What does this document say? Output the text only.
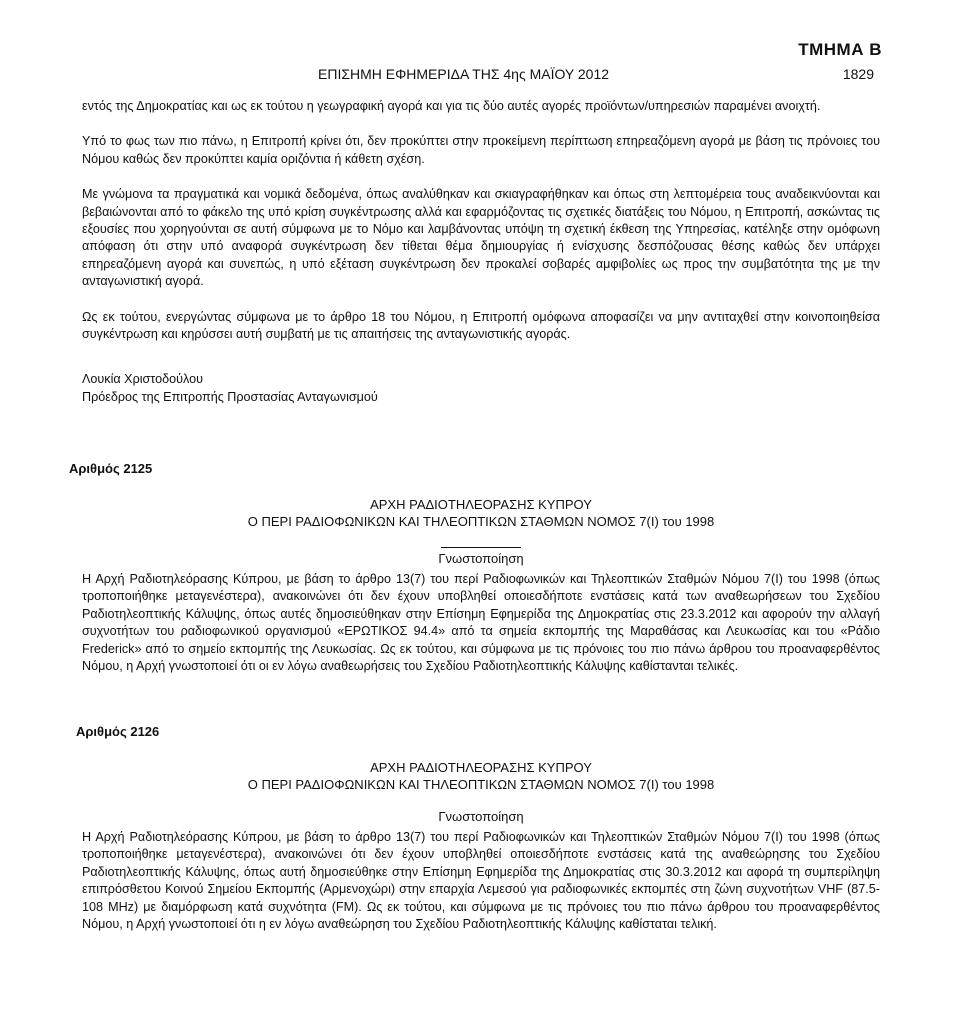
ΤΜΗΜΑ Β
ΕΠΙΣΗΜΗ ΕΦΗΜΕΡΙΔΑ ΤΗΣ 4ης ΜΑΪΟΥ 2012	1829

εντός της Δημοκρατίας και ως εκ τούτου η γεωγραφική αγορά και για τις δύο αυτές αγορές προϊόντων/υπηρεσιών παραμένει ανοιχτή.

Υπό το φως των πιο πάνω, η Επιτροπή κρίνει ότι, δεν προκύπτει στην προκείμενη περίπτωση επηρεαζόμενη αγορά με βάση τις πρόνοιες του Νόμου καθώς δεν προκύπτει καμία οριζόντια ή κάθετη σχέση.

Με γνώμονα τα πραγματικά και νομικά δεδομένα, όπως αναλύθηκαν και σκιαγραφήθηκαν και όπως στη λεπτομέρεια τους αναδεικνύονται και βεβαιώνονται από το φάκελο της υπό κρίση συγκέντρωσης αλλά και εφαρμόζοντας τις σχετικές διατάξεις του Νόμου, η Επιτροπή, ασκώντας τις εξουσίες που χορηγούνται σε αυτή σύμφωνα με το Νόμο και λαμβάνοντας υπόψη τη σχετική έκθεση της Υπηρεσίας, κατέληξε στην ομόφωνη απόφαση ότι στην υπό αναφορά συγκέντρωση δεν τίθεται θέμα δημιουργίας ή ενίσχυσης δεσπόζουσας θέσης καθώς δεν υπάρχει επηρεαζόμενη αγορά και συνεπώς, η υπό εξέταση συγκέντρωση δεν προκαλεί σοβαρές αμφιβολίες ως προς την συμβατότητα της με την ανταγωνιστική αγορά.

Ως εκ τούτου, ενεργώντας σύμφωνα με το άρθρο 18 του Νόμου, η Επιτροπή ομόφωνα αποφασίζει να μην αντιταχθεί στην κοινοποιηθείσα συγκέντρωση και κηρύσσει αυτή συμβατή με τις απαιτήσεις της ανταγωνιστικής αγοράς.

Λουκία Χριστοδούλου

Πρόεδρος της Επιτροπής Προστασίας Ανταγωνισμού

Αριθμός 2125

ΑΡΧΗ ΡΑΔΙΟΤΗΛΕΟΡΑΣΗΣ ΚΥΠΡΟΥ

Ο ΠΕΡΙ ΡΑΔΙΟΦΩΝΙΚΩΝ ΚΑΙ ΤΗΛΕΟΠΤΙΚΩΝ ΣΤΑΘΜΩΝ ΝΟΜΟΣ 7(Ι) του 1998

Γνωστοποίηση

Η Αρχή Ραδιοτηλεόρασης Κύπρου, με βάση το άρθρο 13(7) του περί Ραδιοφωνικών και Τηλεοπτικών Σταθμών Νόμου 7(Ι) του 1998 (όπως τροποποιήθηκε μεταγενέστερα), ανακοινώνει ότι δεν έχουν υποβληθεί οποιεσδήποτε ενστάσεις κατά των αναθεωρήσεων του Σχεδίου Ραδιοτηλεοπτικής Κάλυψης, όπως αυτές δημοσιεύθηκαν στην Επίσημη Εφημερίδα της Δημοκρατίας στις 23.3.2012 και αφορούν την αλλαγή συχνοτήτων του ραδιοφωνικού οργανισμού «ΕΡΩΤΙΚΟΣ 94.4» από τα σημεία εκπομπής της Μαραθάσας και Λευκωσίας και του «Ράδιο Frederick» από το σημείο εκπομπής της Λευκωσίας. Ως εκ τούτου, και σύμφωνα με τις πρόνοιες του πιο πάνω άρθρου του προαναφερθέντος Νόμου, η Αρχή γνωστοποιεί ότι οι εν λόγω αναθεωρήσεις του Σχεδίου Ραδιοτηλεοπτικής Κάλυψης καθίστανται τελικές.

Αριθμός 2126

ΑΡΧΗ ΡΑΔΙΟΤΗΛΕΟΡΑΣΗΣ ΚΥΠΡΟΥ

Ο ΠΕΡΙ ΡΑΔΙΟΦΩΝΙΚΩΝ ΚΑΙ ΤΗΛΕΟΠΤΙΚΩΝ ΣΤΑΘΜΩΝ ΝΟΜΟΣ 7(Ι) του 1998

Γνωστοποίηση

Η Αρχή Ραδιοτηλεόρασης Κύπρου, με βάση το άρθρο 13(7) του περί Ραδιοφωνικών και Τηλεοπτικών Σταθμών Νόμου 7(Ι) του 1998 (όπως τροποποιήθηκε μεταγενέστερα), ανακοινώνει ότι δεν έχουν υποβληθεί οποιεσδήποτε ενστάσεις κατά της αναθεώρησης του Σχεδίου Ραδιοτηλεοπτικής Κάλυψης, όπως αυτή δημοσιεύθηκε στην Επίσημη Εφημερίδα της Δημοκρατίας στις 30.3.2012 και αφορά τη συμπερίληψη επιπρόσθετου Κοινού Σημείου Εκπομπής (Αρμενοχώρι) στην επαρχία Λεμεσού για ραδιοφωνικές εκπομπές στη ζώνη συχνοτήτων VHF (87.5-108 MHz) με διαμόρφωση κατά συχνότητα (FM). Ως εκ τούτου, και σύμφωνα με τις πρόνοιες του πιο πάνω άρθρου του προαναφερθέντος Νόμου, η Αρχή γνωστοποιεί ότι η εν λόγω αναθεώρηση του Σχεδίου Ραδιοτηλεοπτικής Κάλυψης καθίσταται τελική.
